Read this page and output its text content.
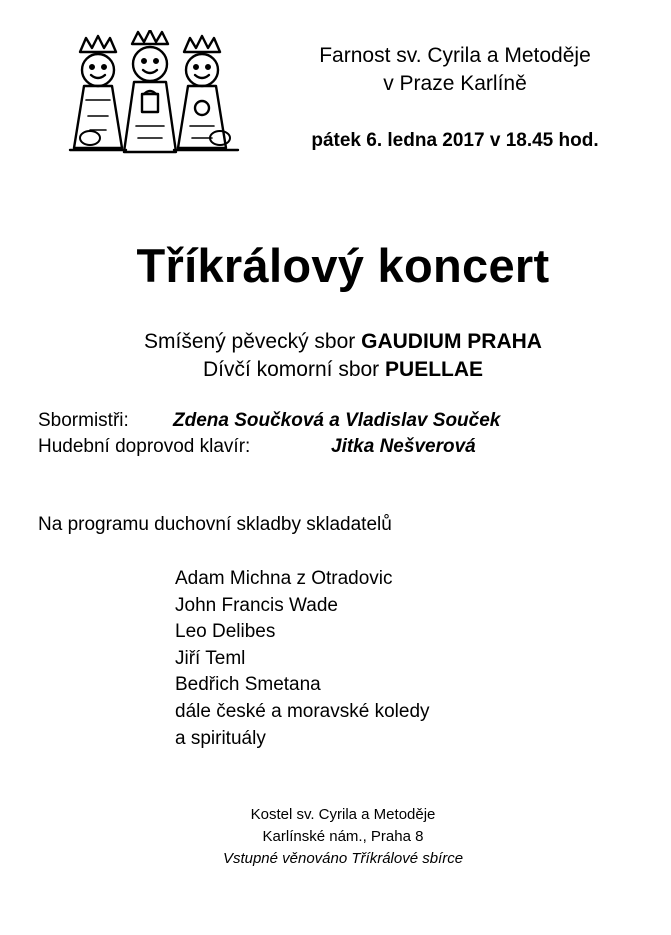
Farnost sv. Cyrila a Metoděje
v Praze Karlíně
pátek 6. ledna 2017 v 18.45 hod.
Tříkrálový koncert
Smíšený pěvecký sbor GAUDIUM PRAHA
Dívčí komorní sbor PUELLAE
Sbormistři: Zdena Součková a Vladislav Souček
Hudební doprovod klavír:	Jitka Nešverová
Na programu duchovní skladby skladatelů
Adam Michna z Otradovic
John Francis Wade
Leo Delibes
Jiří Teml
Bedřich Smetana
dále české a moravské koledy
a spirituály
Kostel sv. Cyrila a Metoděje
Karlínské nám., Praha 8
Vstupné věnováno Tříkrálové sbírce
